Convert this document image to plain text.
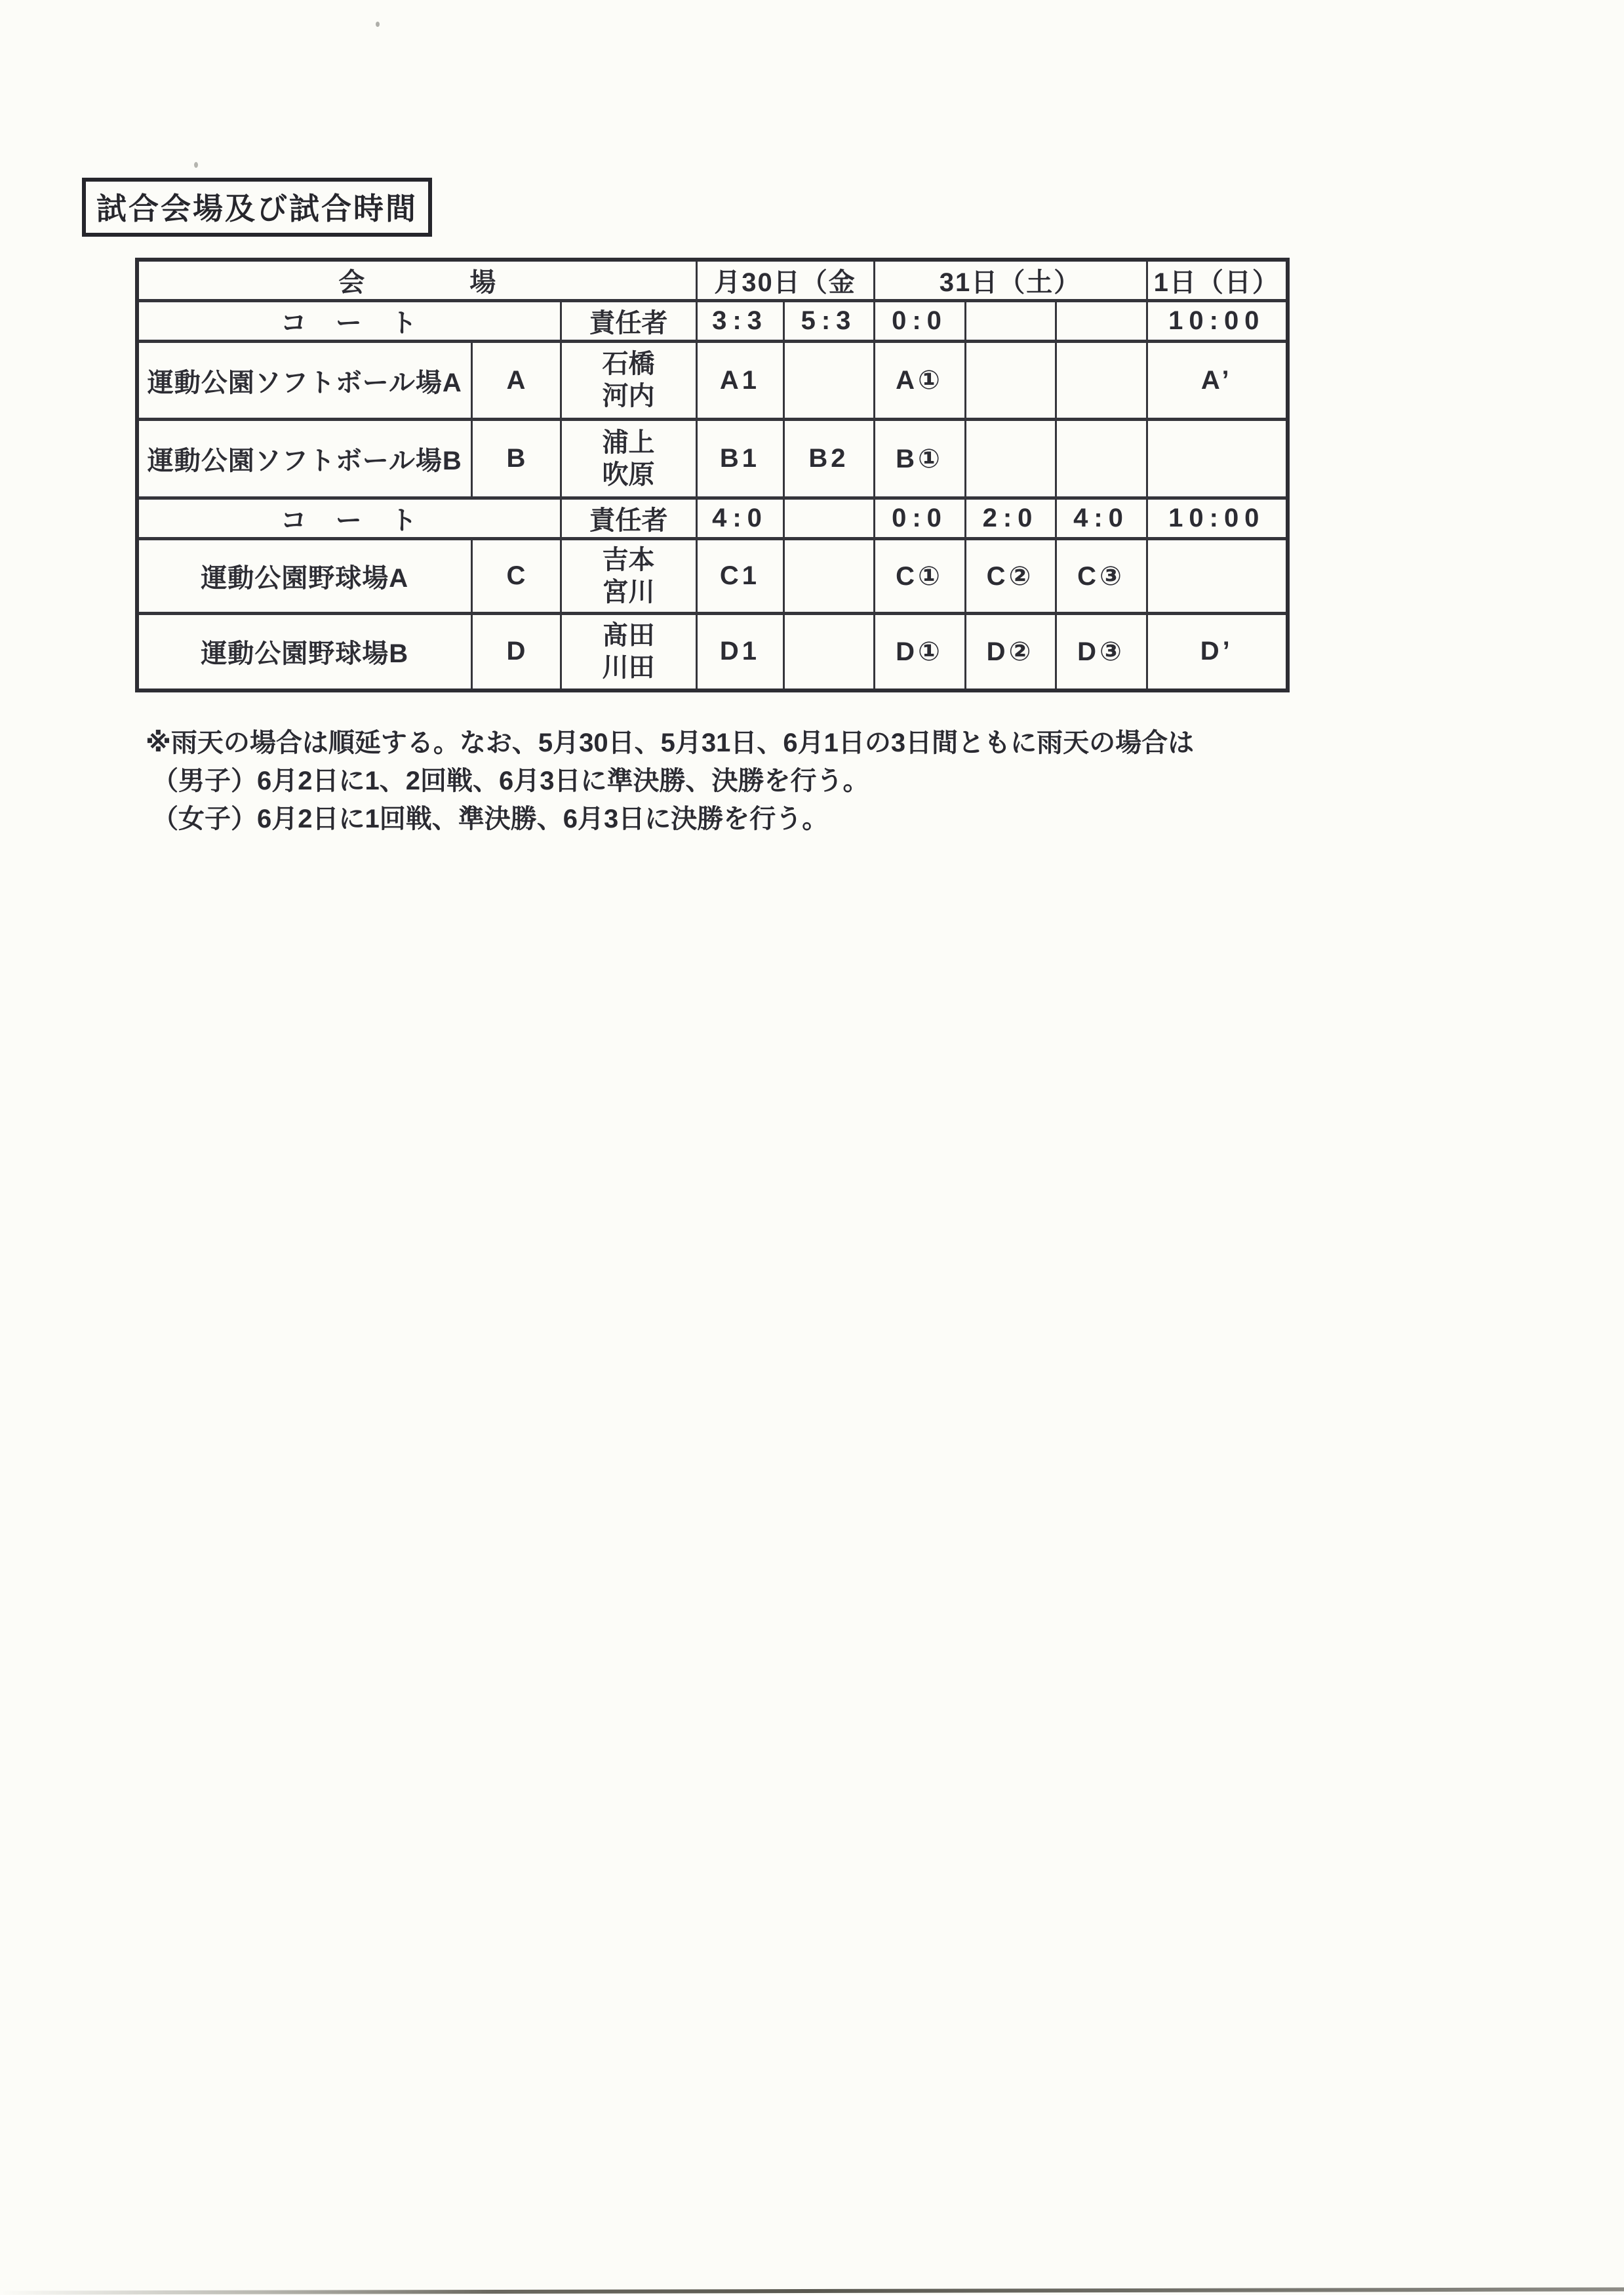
試合会場及び試合時間
会　　　　場			月30日（金		31日（土）			1日（日）
コ　ー　ト		責任者	3:3	5:3	0:0			10:00
運動公園ソフトボール場A	A	石橋
河内	A1		A①			A’
運動公園ソフトボール場B	B	浦上
吹原	B1	B2	B①			
コ　ー　ト		責任者	4:0		0:0	2:0	4:0	10:00
運動公園野球場A	C	吉本
宮川	C1		C①	C②	C③	
運動公園野球場B	D	髙田
川田	D1		D①	D②	D③	D’
※雨天の場合は順延する。なお、5月30日、5月31日、6月1日の3日間ともに雨天の場合は
（男子）6月2日に1、2回戦、6月3日に準決勝、決勝を行う。
（女子）6月2日に1回戦、準決勝、6月3日に決勝を行う。
